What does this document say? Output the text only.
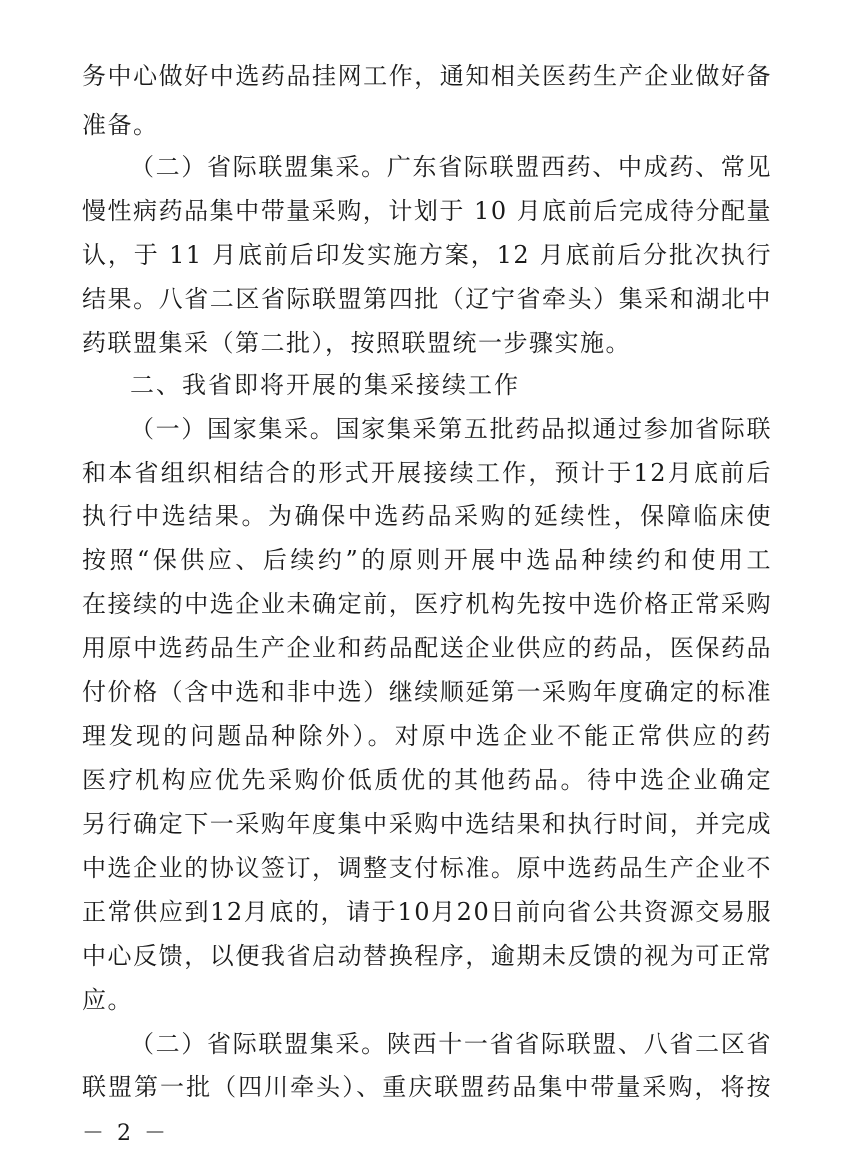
务中心做好中选药品挂网工作，通知相关医药生产企业做好备
准备。
（二）省际联盟集采。广东省际联盟西药、中成药、常见
慢性病药品集中带量采购，计划于 10 月底前后完成待分配量
认，于 11 月底前后印发实施方案，12 月底前后分批次执行
结果。八省二区省际联盟第四批（辽宁省牵头）集采和湖北中
药联盟集采（第二批），按照联盟统一步骤实施。
二、我省即将开展的集采接续工作
（一）国家集采。国家集采第五批药品拟通过参加省际联
和本省组织相结合的形式开展接续工作，预计于12月底前后
执行中选结果。为确保中选药品采购的延续性，保障临床使
按照“保供应、后续约”的原则开展中选品种续约和使用工
在接续的中选企业未确定前，医疗机构先按中选价格正常采购
用原中选药品生产企业和药品配送企业供应的药品，医保药品
付价格（含中选和非中选）继续顺延第一采购年度确定的标准
理发现的问题品种除外）。对原中选企业不能正常供应的药
医疗机构应优先采购价低质优的其他药品。待中选企业确定
另行确定下一采购年度集中采购中选结果和执行时间，并完成
中选企业的协议签订，调整支付标准。原中选药品生产企业不
正常供应到12月底的，请于10月20日前向省公共资源交易服
中心反馈，以便我省启动替换程序，逾期未反馈的视为可正常
应。
（二）省际联盟集采。陕西十一省省际联盟、八省二区省
联盟第一批（四川牵头）、重庆联盟药品集中带量采购，将按
－ 2 －
